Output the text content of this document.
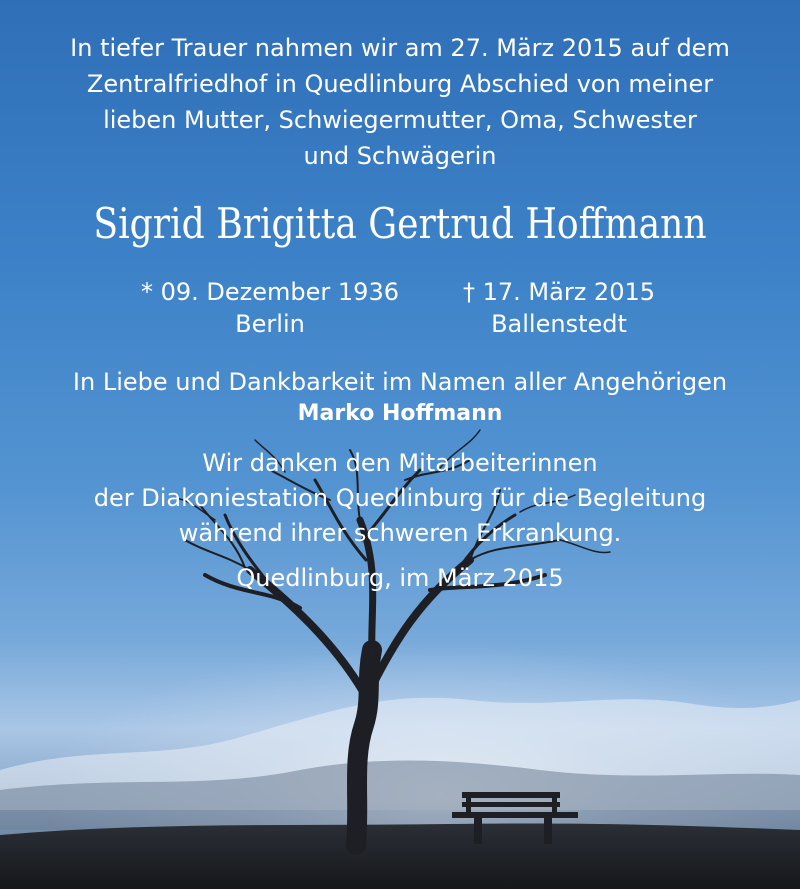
In tiefer Trauer nahmen wir am 27. März 2015 auf dem
Zentralfriedhof in Quedlinburg Abschied von meiner
lieben Mutter, Schwiegermutter, Oma, Schwester
und Schwägerin
Sigrid Brigitta Gertrud Hoffmann
* 09. Dezember 1936
Berlin
† 17. März 2015
Ballenstedt
In Liebe und Dankbarkeit im Namen aller Angehörigen
Marko Hoffmann
Wir danken den Mitarbeiterinnen
der Diakoniestation Quedlinburg für die Begleitung
während ihrer schweren Erkrankung.
Quedlinburg, im März 2015
